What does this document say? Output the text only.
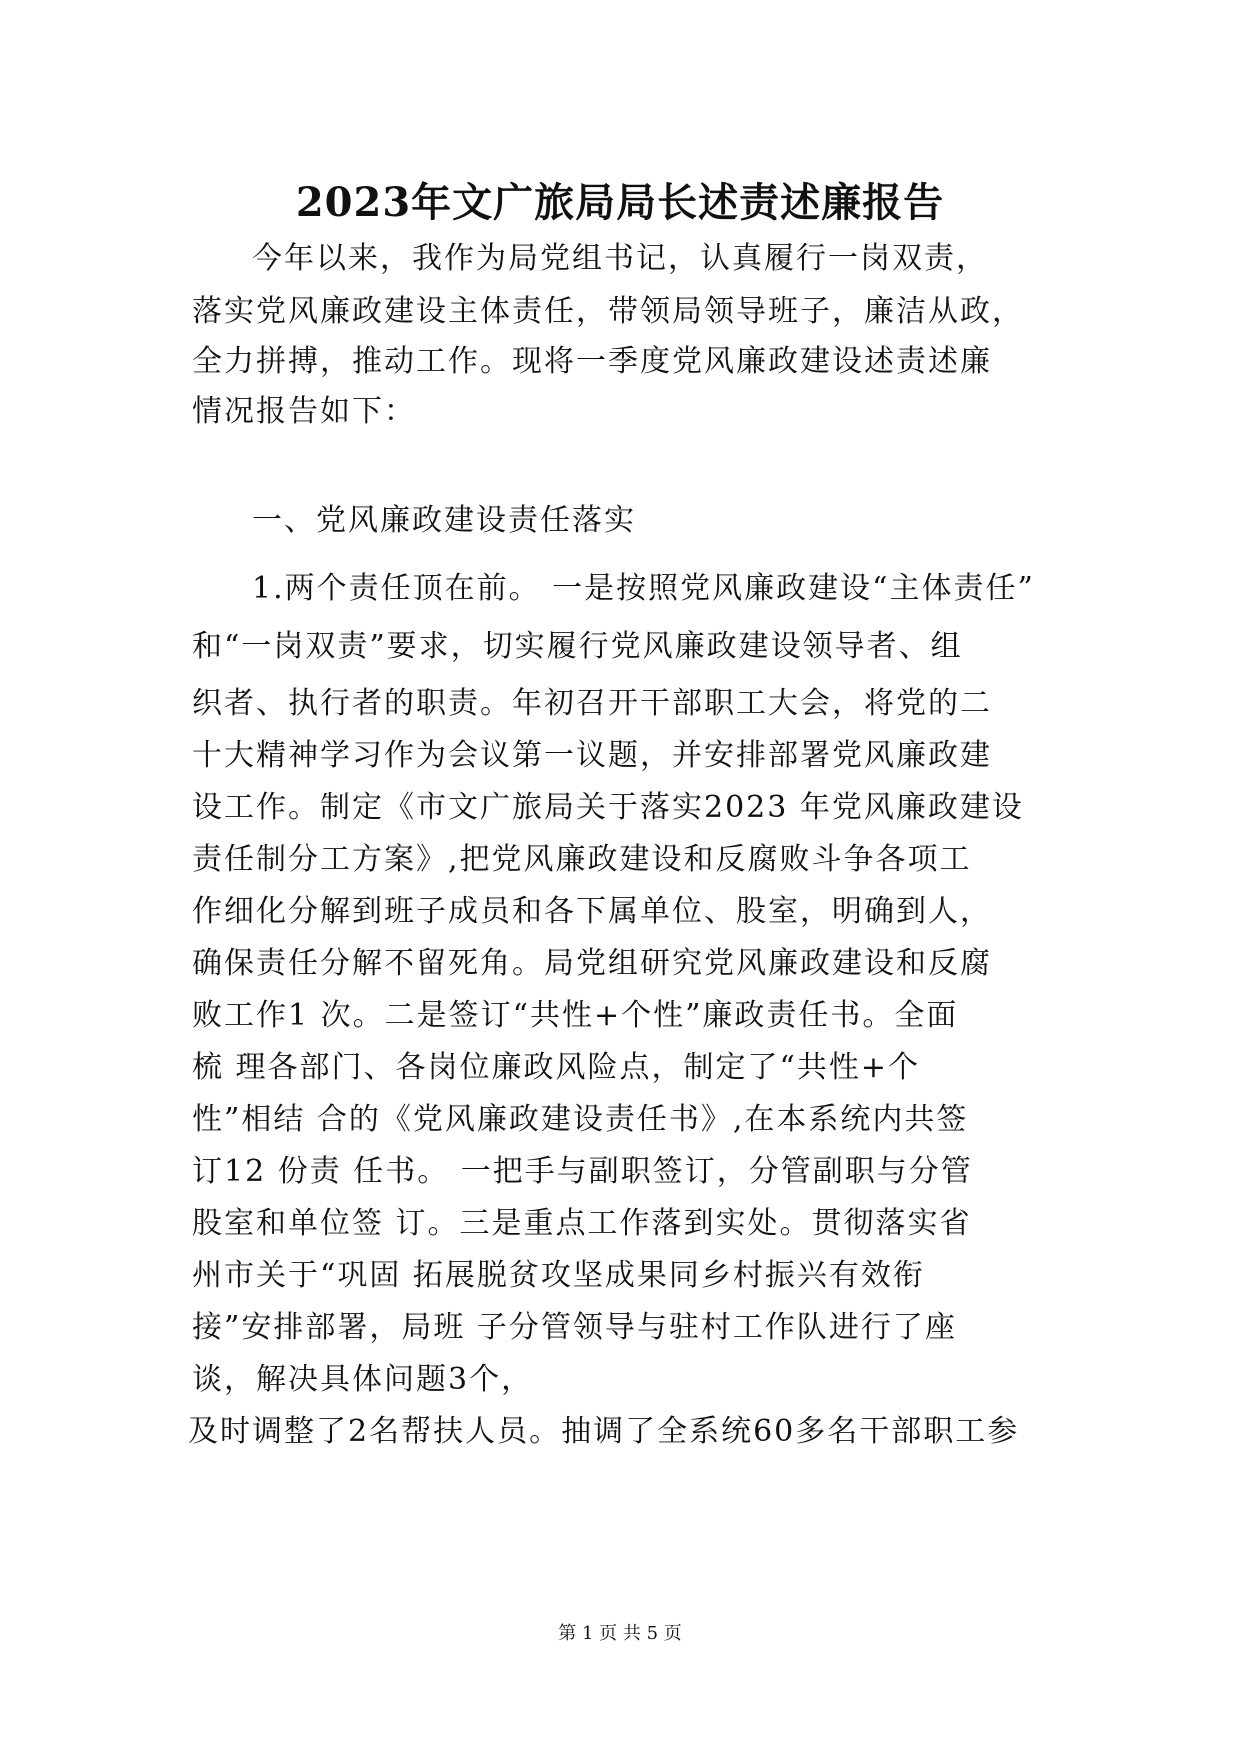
2023年文广旅局局长述责述廉报告
今年以来，我作为局党组书记，认真履行一岗双责，
落实党风廉政建设主体责任，带领局领导班子，廉洁从政，
全力拼搏，推动工作。现将一季度党风廉政建设述责述廉
情况报告如下：
一、党风廉政建设责任落实
1.两个责任顶在前。 一是按照党风廉政建设“主体责任”
和“一岗双责”要求，切实履行党风廉政建设领导者、组
织者、执行者的职责。年初召开干部职工大会，将党的二
十大精神学习作为会议第一议题，并安排部署党风廉政建
设工作。制定《市文广旅局关于落实2023 年党风廉政建设
责任制分工方案》,把党风廉政建设和反腐败斗争各项工
作细化分解到班子成员和各下属单位、股室，明确到人，
确保责任分解不留死角。局党组研究党风廉政建设和反腐
败工作1 次。二是签订“共性+个性”廉政责任书。全面
梳 理各部门、各岗位廉政风险点，制定了“共性+个
性”相结 合的《党风廉政建设责任书》,在本系统内共签
订12 份责 任书。 一把手与副职签订，分管副职与分管
股室和单位签 订。三是重点工作落到实处。贯彻落实省
州市关于“巩固 拓展脱贫攻坚成果同乡村振兴有效衔
接”安排部署，局班 子分管领导与驻村工作队进行了座
谈，解决具体问题3个，
及时调整了2名帮扶人员。抽调了全系统60多名干部职工参
第 1 页 共 5 页
